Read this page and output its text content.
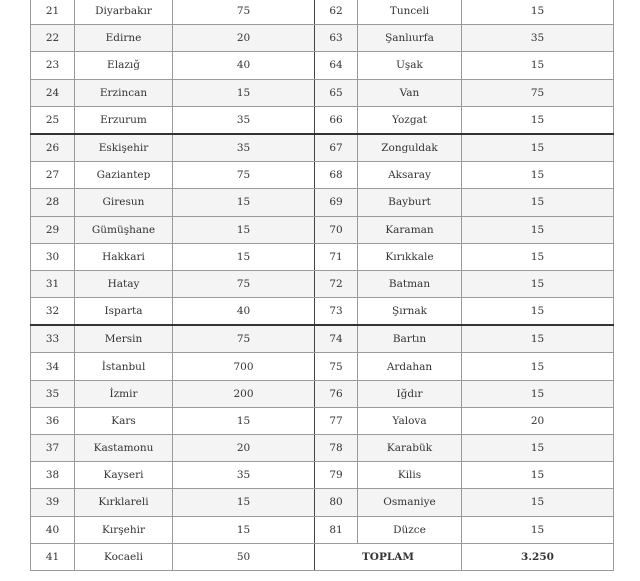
21	Diyarbakır	75	62	Tunceli	15
22	Edirne	20	63	Şanlıurfa	35
23	Elazığ	40	64	Uşak	15
24	Erzincan	15	65	Van	75
25	Erzurum	35	66	Yozgat	15
26	Eskişehir	35	67	Zonguldak	15
27	Gaziantep	75	68	Aksaray	15
28	Giresun	15	69	Bayburt	15
29	Gümüşhane	15	70	Karaman	15
30	Hakkari	15	71	Kırıkkale	15
31	Hatay	75	72	Batman	15
32	Isparta	40	73	Şırnak	15
33	Mersin	75	74	Bartın	15
34	İstanbul	700	75	Ardahan	15
35	İzmir	200	76	Iğdır	15
36	Kars	15	77	Yalova	20
37	Kastamonu	20	78	Karabük	15
38	Kayseri	35	79	Kilis	15
39	Kırklareli	15	80	Osmaniye	15
40	Kırşehir	15	81	Düzce	15
41	Kocaeli	50	TOPLAM		3.250
